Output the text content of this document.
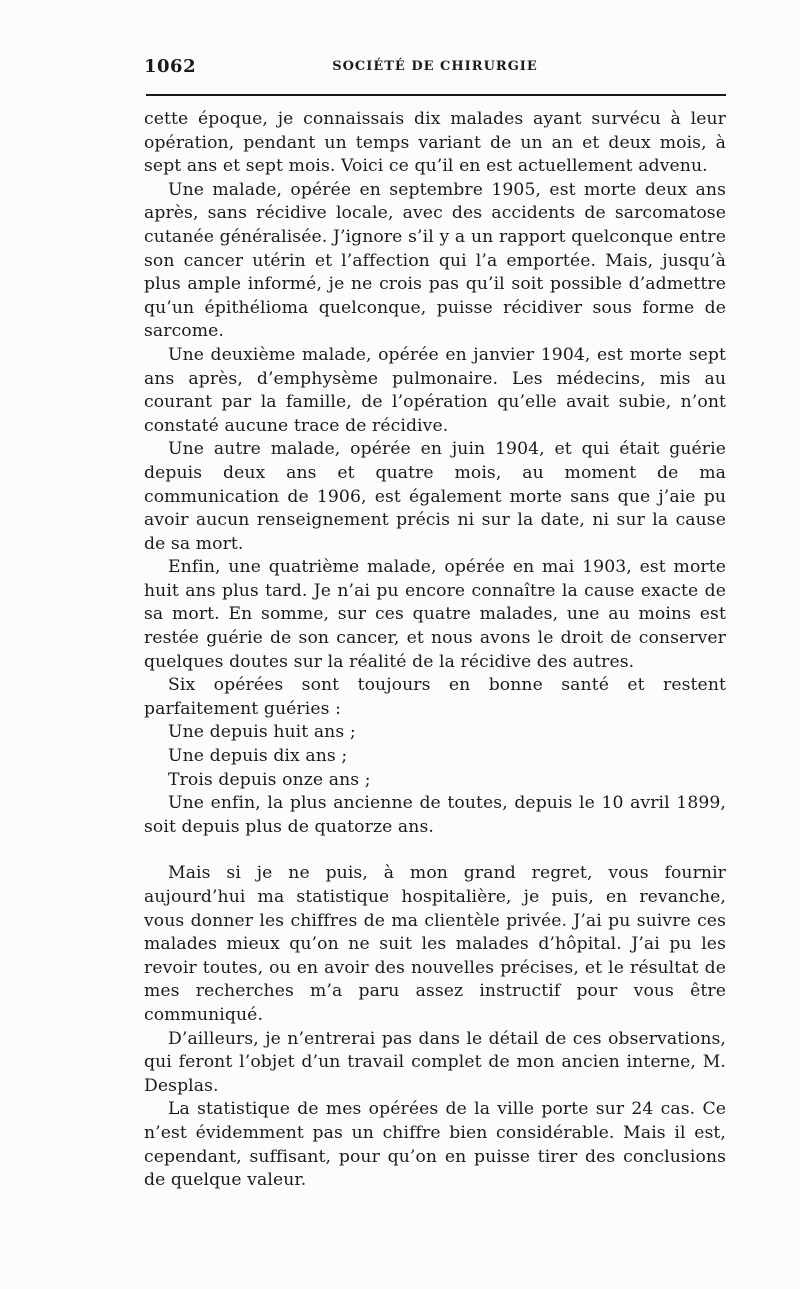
1062	SOCIÉTÉ DE CHIRURGIE

cette époque, je connaissais dix malades ayant survécu à leur opération, pendant un temps variant de un an et deux mois, à sept ans et sept mois. Voici ce qu’il en est actuellement advenu.

Une malade, opérée en septembre 1905, est morte deux ans après, sans récidive locale, avec des accidents de sarcomatose cutanée généralisée. J’ignore s’il y a un rapport quelconque entre son cancer utérin et l’affection qui l’a emportée. Mais, jusqu’à plus ample informé, je ne crois pas qu’il soit possible d’admettre qu’un épithélioma quelconque, puisse récidiver sous forme de sarcome.

Une deuxième malade, opérée en janvier 1904, est morte sept ans après, d’emphysème pulmonaire. Les médecins, mis au courant par la famille, de l’opération qu’elle avait subie, n’ont constaté aucune trace de récidive.

Une autre malade, opérée en juin 1904, et qui était guérie depuis deux ans et quatre mois, au moment de ma communication de 1906, est également morte sans que j’aie pu avoir aucun renseignement précis ni sur la date, ni sur la cause de sa mort.

Enfin, une quatrième malade, opérée en mai 1903, est morte huit ans plus tard. Je n’ai pu encore connaître la cause exacte de sa mort. En somme, sur ces quatre malades, une au moins est restée guérie de son cancer, et nous avons le droit de conserver quelques doutes sur la réalité de la récidive des autres.

Six opérées sont toujours en bonne santé et restent parfaitement guéries :

Une depuis huit ans ;

Une depuis dix ans ;

Trois depuis onze ans ;

Une enfin, la plus ancienne de toutes, depuis le 10 avril 1899, soit depuis plus de quatorze ans.

Mais si je ne puis, à mon grand regret, vous fournir aujourd’hui ma statistique hospitalière, je puis, en revanche, vous donner les chiffres de ma clientèle privée. J’ai pu suivre ces malades mieux qu’on ne suit les malades d’hôpital. J’ai pu les revoir toutes, ou en avoir des nouvelles précises, et le résultat de mes recherches m’a paru assez instructif pour vous être communiqué.

D’ailleurs, je n’entrerai pas dans le détail de ces observations, qui feront l’objet d’un travail complet de mon ancien interne, M. Desplas.

La statistique de mes opérées de la ville porte sur 24 cas. Ce n’est évidemment pas un chiffre bien considérable. Mais il est, cependant, suffisant, pour qu’on en puisse tirer des conclusions de quelque valeur.
